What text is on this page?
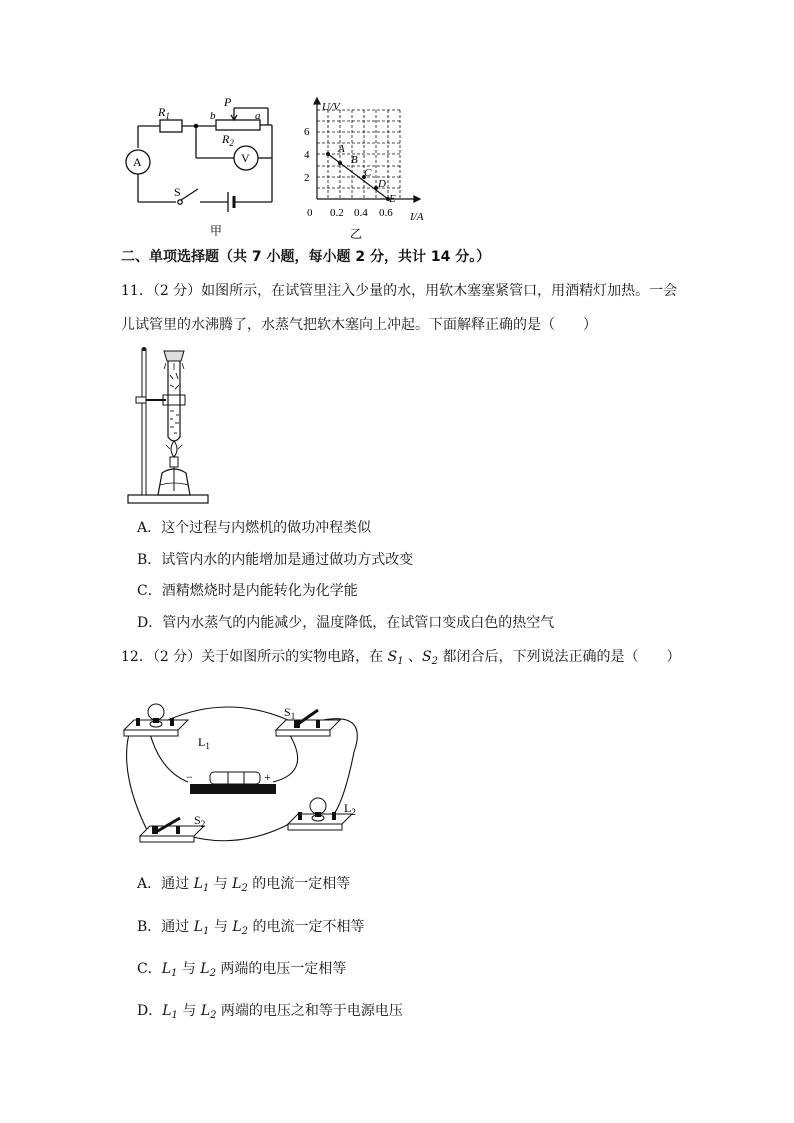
$R_1$
$R_2$
P
b	a
A	V
S
甲
U/V
I/A
6
4
2
0 0.2 0.4 0.6
A
B
C
D
E
乙
二、单项选择题（共 7 小题，每小题 2 分，共计 14 分。）
11．（2 分）如图所示，在试管里注入少量的水，用软木塞塞紧管口，用酒精灯加热。一会
儿试管里的水沸腾了，水蒸气把软木塞向上冲起。下面解释正确的是（　　）
A．这个过程与内燃机的做功冲程类似
B．试管内水的内能增加是通过做功方式改变
C．酒精燃烧时是内能转化为化学能
D．管内水蒸气的内能减少，温度降低，在试管口变成白色的热空气
12．（2 分）关于如图所示的实物电路，在 $S_1$ 、$S_2$ 都闭合后，下列说法正确的是（　　）
$L_1$
$S_1$
$S_2$
$L_2$
−	+
A．通过 $L_1$ 与 $L_2$ 的电流一定相等
B．通过 $L_1$ 与 $L_2$ 的电流一定不相等
C．$L_1$ 与 $L_2$ 两端的电压一定相等
D．$L_1$ 与 $L_2$ 两端的电压之和等于电源电压
